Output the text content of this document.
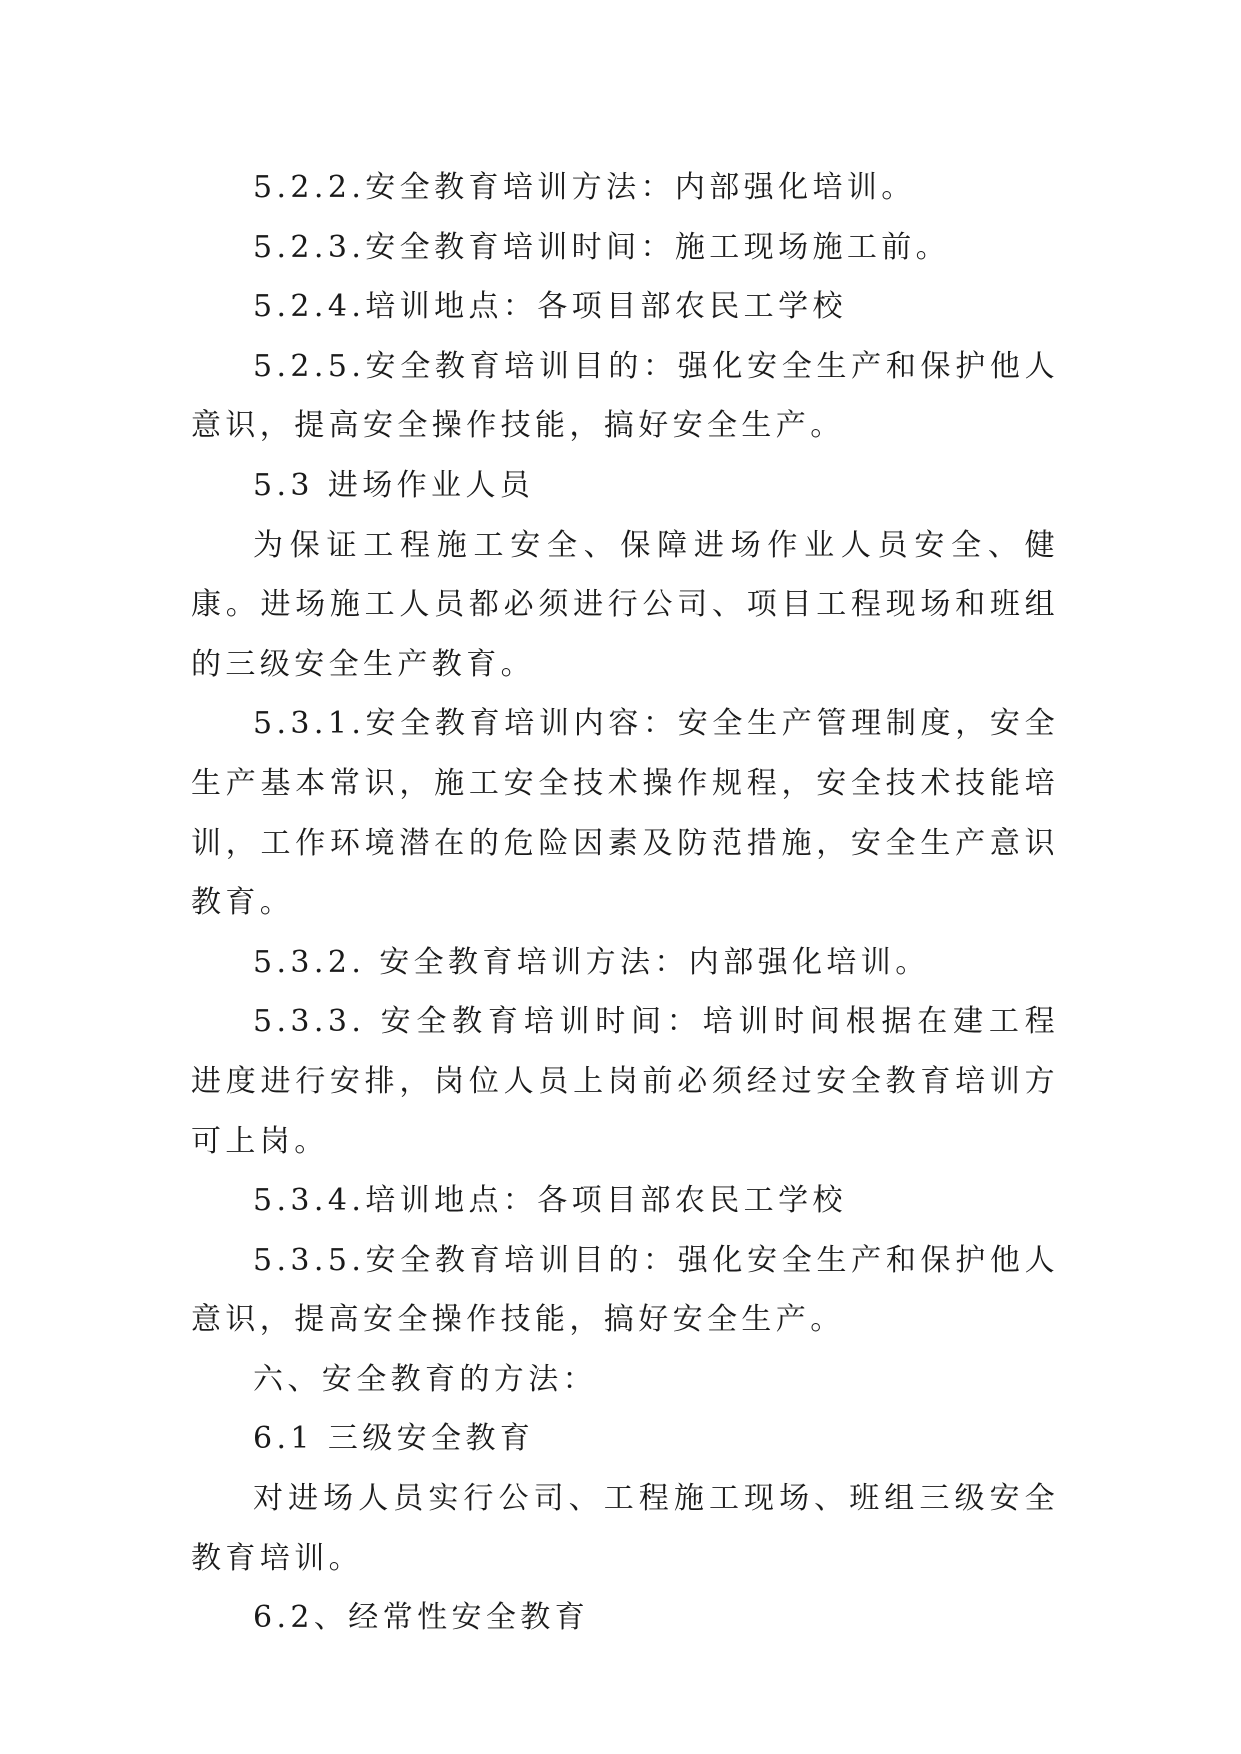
5.2.2.安全教育培训方法：内部强化培训。

5.2.3.安全教育培训时间：施工现场施工前。

5.2.4.培训地点：各项目部农民工学校

5.2.5.安全教育培训目的：强化安全生产和保护他人意识，提高安全操作技能，搞好安全生产。

5.3 进场作业人员

为保证工程施工安全、保障进场作业人员安全、健康。进场施工人员都必须进行公司、项目工程现场和班组的三级安全生产教育。

5.3.1.安全教育培训内容：安全生产管理制度，安全生产基本常识，施工安全技术操作规程，安全技术技能培训，工作环境潜在的危险因素及防范措施，安全生产意识教育。

5.3.2. 安全教育培训方法：内部强化培训。

5.3.3. 安全教育培训时间：培训时间根据在建工程进度进行安排，岗位人员上岗前必须经过安全教育培训方可上岗。

5.3.4.培训地点：各项目部农民工学校

5.3.5.安全教育培训目的：强化安全生产和保护他人意识，提高安全操作技能，搞好安全生产。

六、安全教育的方法：

6.1 三级安全教育

对进场人员实行公司、工程施工现场、班组三级安全教育培训。

6.2、经常性安全教育
